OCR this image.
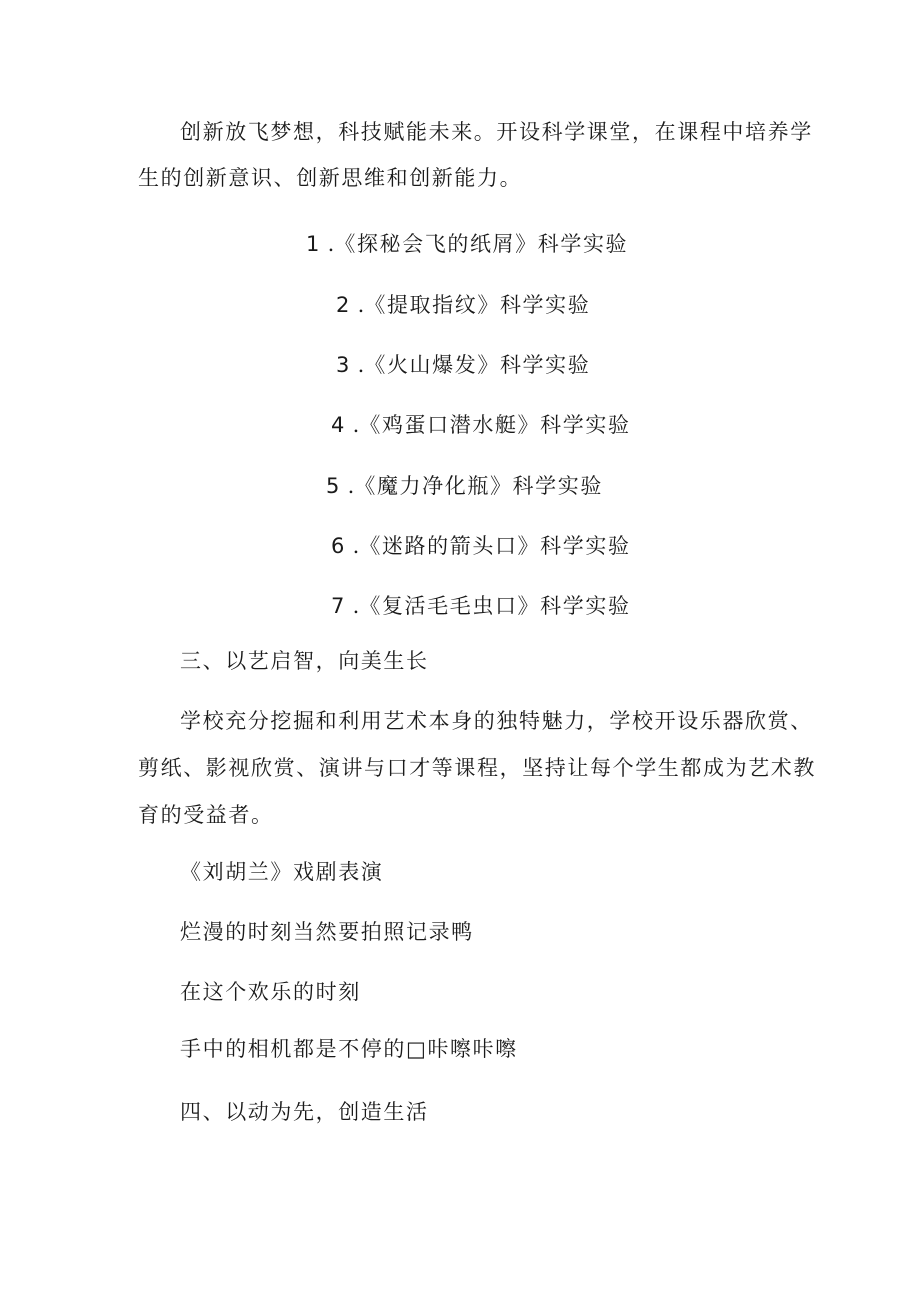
创新放飞梦想，科技赋能未来。开设科学课堂，在课程中培养学
生的创新意识、创新思维和创新能力。
1 .《探秘会飞的纸屑》科学实验
2 .《提取指纹》科学实验
3 .《火山爆发》科学实验
4 .《鸡蛋口潜水艇》科学实验
5 .《魔力净化瓶》科学实验
6 .《迷路的箭头口》科学实验
7 .《复活毛毛虫口》科学实验
三、以艺启智，向美生长
学校充分挖掘和利用艺术本身的独特魅力，学校开设乐器欣赏、
剪纸、影视欣赏、演讲与口才等课程，坚持让每个学生都成为艺术教
育的受益者。
《刘胡兰》戏剧表演
烂漫的时刻当然要拍照记录鸭
在这个欢乐的时刻
手中的相机都是不停的□咔嚓咔嚓
四、以动为先，创造生活
